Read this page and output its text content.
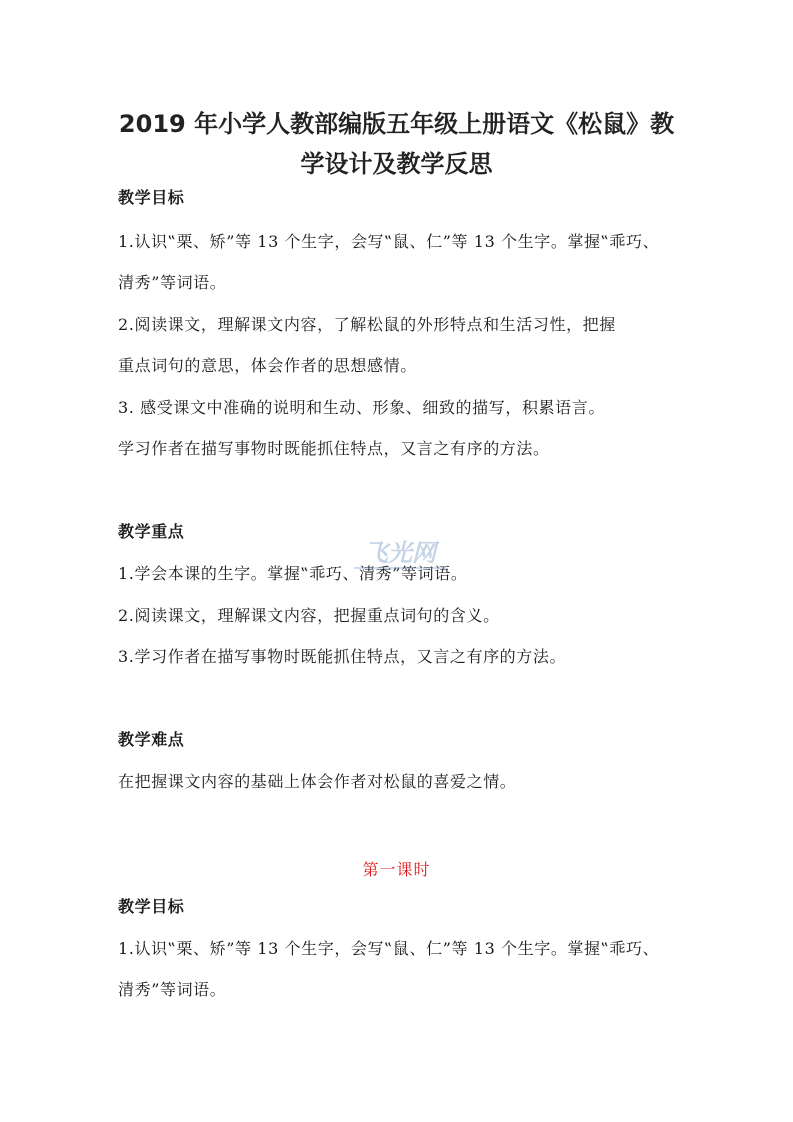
2019 年小学人教部编版五年级上册语文《松鼠》教
学设计及教学反思

教学目标

1.认识‟栗、矫”等 13 个生字，会写‟鼠、仁”等 13 个生字。掌握‟乖巧、

清秀”等词语。

2.阅读课文，理解课文内容，了解松鼠的外形特点和生活习性，把握

重点词句的意思，体会作者的思想感情。

3. 感受课文中准确的说明和生动、形象、细致的描写，积累语言。

学习作者在描写事物时既能抓住特点，又言之有序的方法。

教学重点

1.学会本课的生字。掌握‟乖巧、清秀”等词语。

2.阅读课文，理解课文内容，把握重点词句的含义。

3.学习作者在描写事物时既能抓住特点，又言之有序的方法。

教学难点

在把握课文内容的基础上体会作者对松鼠的喜爱之情。

第一课时

教学目标

1.认识‟栗、矫”等 13 个生字，会写‟鼠、仁”等 13 个生字。掌握‟乖巧、

清秀”等词语。

飞光网
